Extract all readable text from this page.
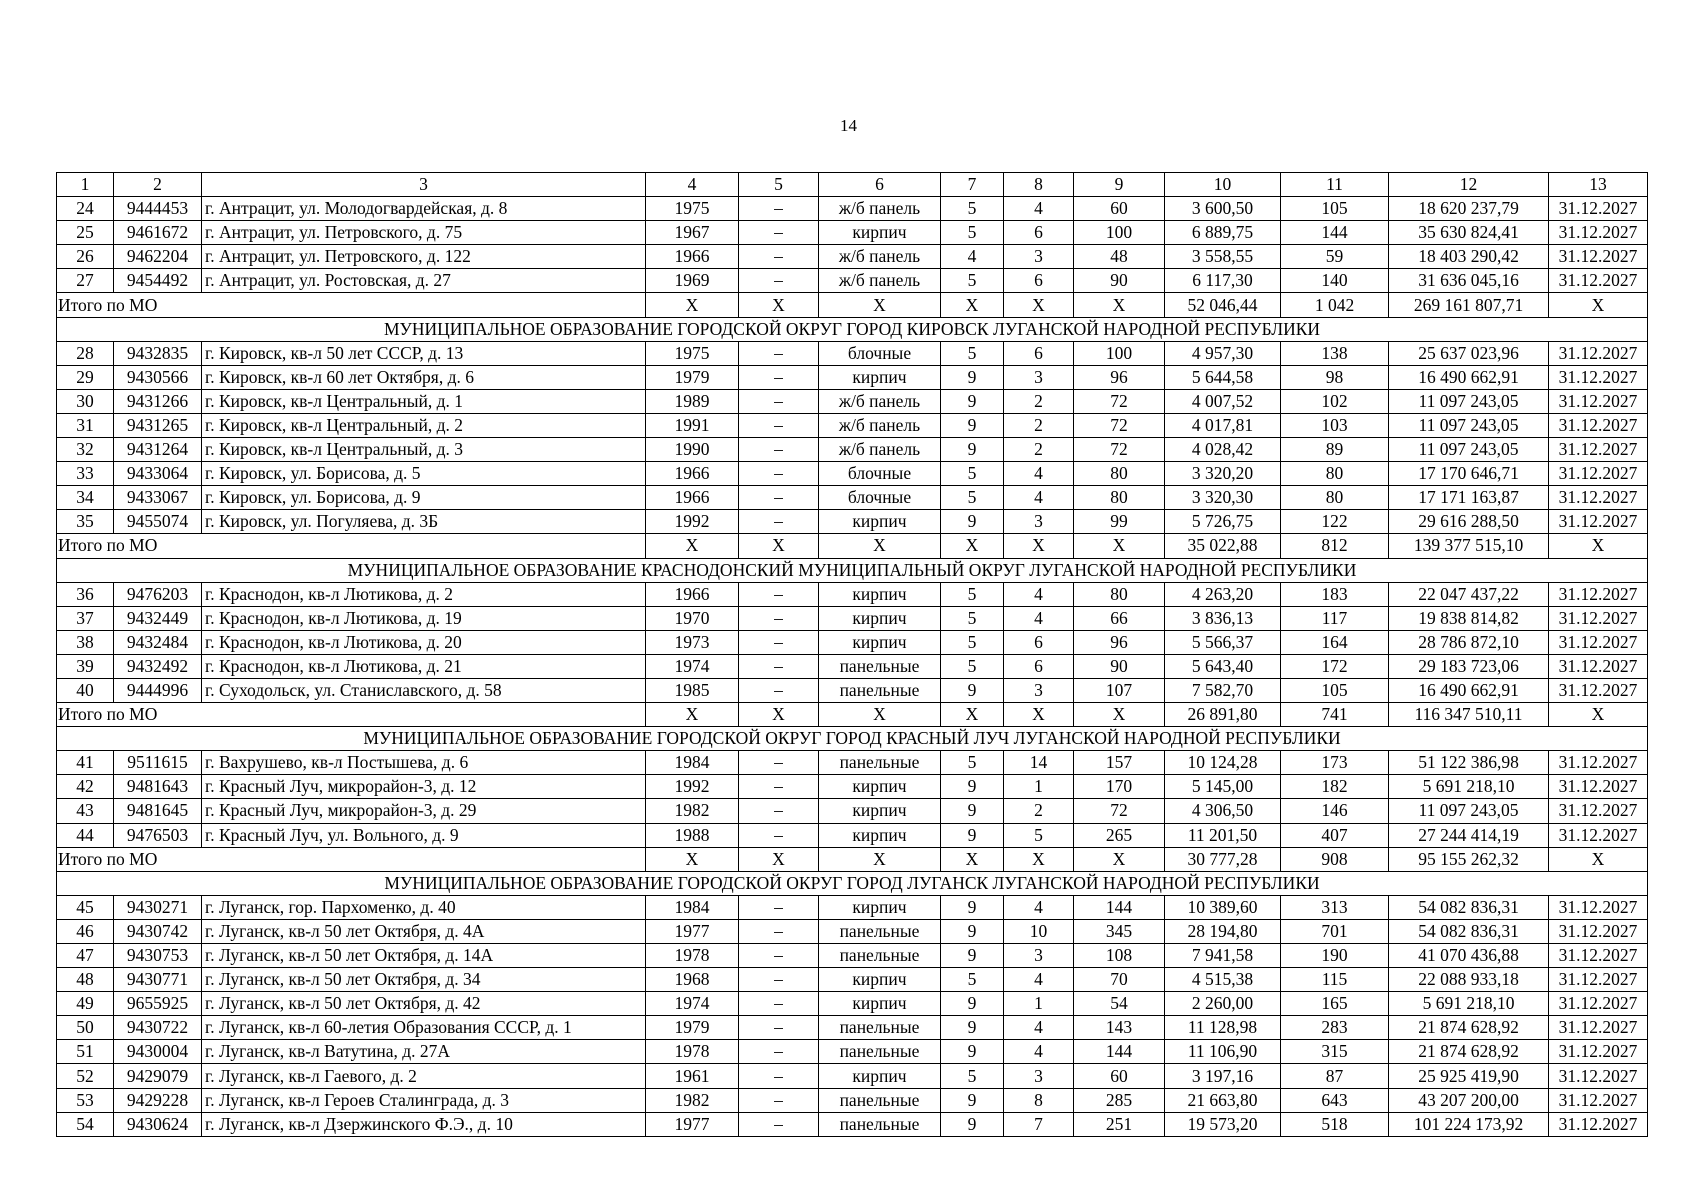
14
1	2	3	4	5	6	7	8	9	10	11	12	13
24	9444453	г. Антрацит, ул. Молодогвардейская, д. 8	1975	–	ж/б панель	5	4	60	3 600,50	105	18 620 237,79	31.12.2027
25	9461672	г. Антрацит, ул. Петровского, д. 75	1967	–	кирпич	5	6	100	6 889,75	144	35 630 824,41	31.12.2027
26	9462204	г. Антрацит, ул. Петровского, д. 122	1966	–	ж/б панель	4	3	48	3 558,55	59	18 403 290,42	31.12.2027
27	9454492	г. Антрацит, ул. Ростовская, д. 27	1969	–	ж/б панель	5	6	90	6 117,30	140	31 636 045,16	31.12.2027
Итого по МО			X	X	X	X	X	X	52 046,44	1 042	269 161 807,71	X
МУНИЦИПАЛЬНОЕ ОБРАЗОВАНИЕ ГОРОДСКОЙ ОКРУГ ГОРОД КИРОВСК ЛУГАНСКОЙ НАРОДНОЙ РЕСПУБЛИКИ												
28	9432835	г. Кировск, кв-л 50 лет СССР, д. 13	1975	–	блочные	5	6	100	4 957,30	138	25 637 023,96	31.12.2027
29	9430566	г. Кировск, кв-л 60 лет Октября, д. 6	1979	–	кирпич	9	3	96	5 644,58	98	16 490 662,91	31.12.2027
30	9431266	г. Кировск, кв-л Центральный, д. 1	1989	–	ж/б панель	9	2	72	4 007,52	102	11 097 243,05	31.12.2027
31	9431265	г. Кировск, кв-л Центральный, д. 2	1991	–	ж/б панель	9	2	72	4 017,81	103	11 097 243,05	31.12.2027
32	9431264	г. Кировск, кв-л Центральный, д. 3	1990	–	ж/б панель	9	2	72	4 028,42	89	11 097 243,05	31.12.2027
33	9433064	г. Кировск, ул. Борисова, д. 5	1966	–	блочные	5	4	80	3 320,20	80	17 170 646,71	31.12.2027
34	9433067	г. Кировск, ул. Борисова, д. 9	1966	–	блочные	5	4	80	3 320,30	80	17 171 163,87	31.12.2027
35	9455074	г. Кировск, ул. Погуляева, д. 3Б	1992	–	кирпич	9	3	99	5 726,75	122	29 616 288,50	31.12.2027
Итого по МО			X	X	X	X	X	X	35 022,88	812	139 377 515,10	X
МУНИЦИПАЛЬНОЕ ОБРАЗОВАНИЕ КРАСНОДОНСКИЙ МУНИЦИПАЛЬНЫЙ ОКРУГ ЛУГАНСКОЙ НАРОДНОЙ РЕСПУБЛИКИ												
36	9476203	г. Краснодон, кв-л Лютикова, д. 2	1966	–	кирпич	5	4	80	4 263,20	183	22 047 437,22	31.12.2027
37	9432449	г. Краснодон, кв-л Лютикова, д. 19	1970	–	кирпич	5	4	66	3 836,13	117	19 838 814,82	31.12.2027
38	9432484	г. Краснодон, кв-л Лютикова, д. 20	1973	–	кирпич	5	6	96	5 566,37	164	28 786 872,10	31.12.2027
39	9432492	г. Краснодон, кв-л Лютикова, д. 21	1974	–	панельные	5	6	90	5 643,40	172	29 183 723,06	31.12.2027
40	9444996	г. Суходольск, ул. Станиславского, д. 58	1985	–	панельные	9	3	107	7 582,70	105	16 490 662,91	31.12.2027
Итого по МО			X	X	X	X	X	X	26 891,80	741	116 347 510,11	X
МУНИЦИПАЛЬНОЕ ОБРАЗОВАНИЕ ГОРОДСКОЙ ОКРУГ ГОРОД КРАСНЫЙ ЛУЧ ЛУГАНСКОЙ НАРОДНОЙ РЕСПУБЛИКИ												
41	9511615	г. Вахрушево, кв-л Постышева, д. 6	1984	–	панельные	5	14	157	10 124,28	173	51 122 386,98	31.12.2027
42	9481643	г. Красный Луч, микрорайон-3, д. 12	1992	–	кирпич	9	1	170	5 145,00	182	5 691 218,10	31.12.2027
43	9481645	г. Красный Луч, микрорайон-3, д. 29	1982	–	кирпич	9	2	72	4 306,50	146	11 097 243,05	31.12.2027
44	9476503	г. Красный Луч, ул. Вольного, д. 9	1988	–	кирпич	9	5	265	11 201,50	407	27 244 414,19	31.12.2027
Итого по МО			X	X	X	X	X	X	30 777,28	908	95 155 262,32	X
МУНИЦИПАЛЬНОЕ ОБРАЗОВАНИЕ ГОРОДСКОЙ ОКРУГ ГОРОД ЛУГАНСК ЛУГАНСКОЙ НАРОДНОЙ РЕСПУБЛИКИ												
45	9430271	г. Луганск, гор. Пархоменко, д. 40	1984	–	кирпич	9	4	144	10 389,60	313	54 082 836,31	31.12.2027
46	9430742	г. Луганск, кв-л 50 лет Октября, д. 4А	1977	–	панельные	9	10	345	28 194,80	701	54 082 836,31	31.12.2027
47	9430753	г. Луганск, кв-л 50 лет Октября, д. 14А	1978	–	панельные	9	3	108	7 941,58	190	41 070 436,88	31.12.2027
48	9430771	г. Луганск, кв-л 50 лет Октября, д. 34	1968	–	кирпич	5	4	70	4 515,38	115	22 088 933,18	31.12.2027
49	9655925	г. Луганск, кв-л 50 лет Октября, д. 42	1974	–	кирпич	9	1	54	2 260,00	165	5 691 218,10	31.12.2027
50	9430722	г. Луганск, кв-л 60-летия Образования СССР, д. 1	1979	–	панельные	9	4	143	11 128,98	283	21 874 628,92	31.12.2027
51	9430004	г. Луганск, кв-л Ватутина, д. 27А	1978	–	панельные	9	4	144	11 106,90	315	21 874 628,92	31.12.2027
52	9429079	г. Луганск, кв-л Гаевого, д. 2	1961	–	кирпич	5	3	60	3 197,16	87	25 925 419,90	31.12.2027
53	9429228	г. Луганск, кв-л Героев Сталинграда, д. 3	1982	–	панельные	9	8	285	21 663,80	643	43 207 200,00	31.12.2027
54	9430624	г. Луганск, кв-л Дзержинского Ф.Э., д. 10	1977	–	панельные	9	7	251	19 573,20	518	101 224 173,92	31.12.2027
